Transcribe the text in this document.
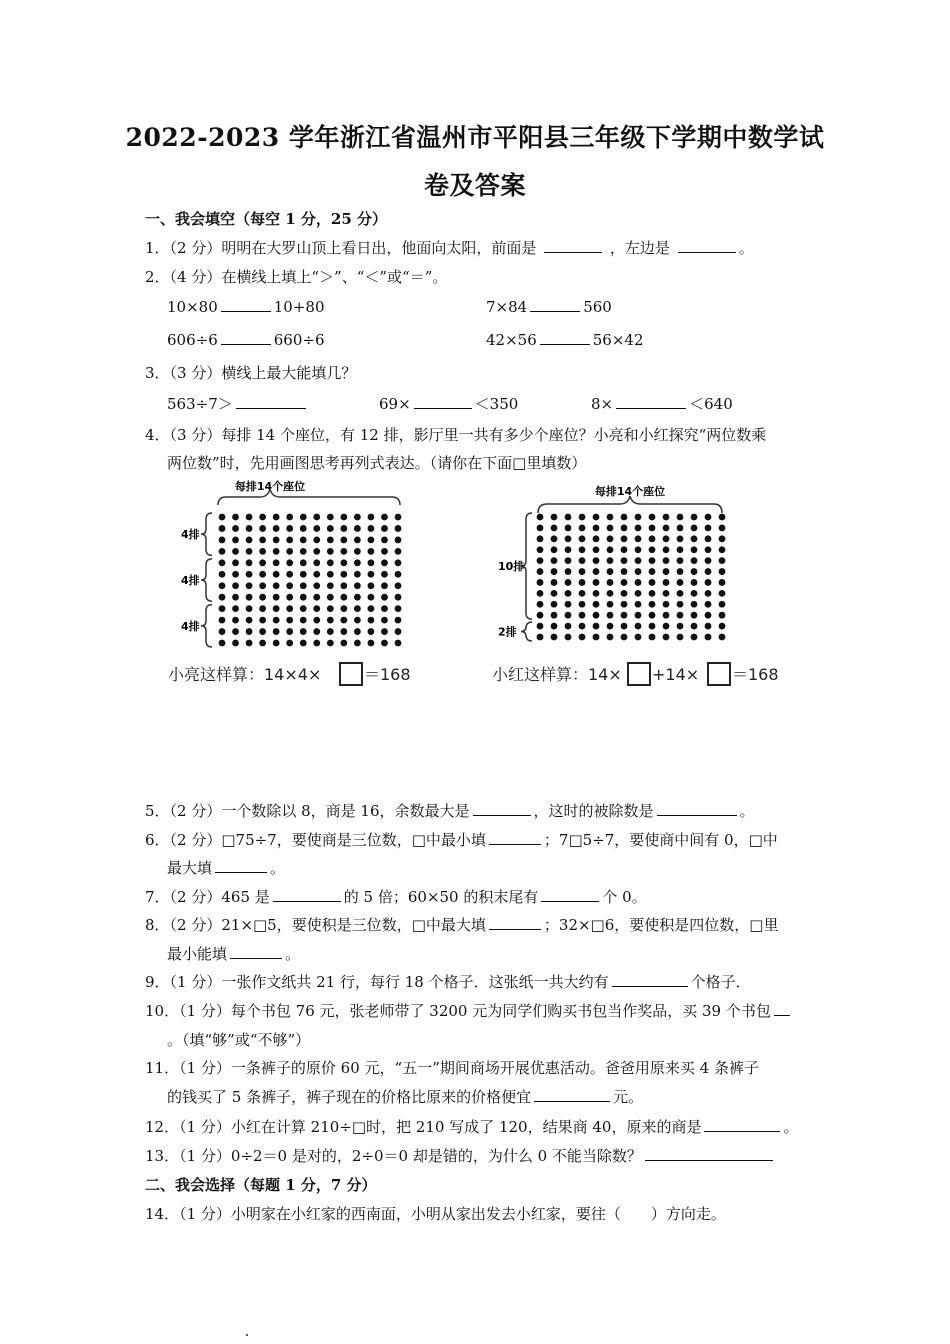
2022-2023 学年浙江省温州市平阳县三年级下学期中数学试
卷及答案
一、我会填空（每空 1 分，25 分）
1．（2 分）明明在大罗山顶上看日出，他面向太阳，前面是	，左边是	。
2．（4 分）在横线上填上“＞”、“＜”或“＝”。
10×80	10+80	7×84	560
606÷6	660÷6	42×56	56×42
3．（3 分）横线上最大能填几？
563÷7＞	69×	＜350	8×	＜640
4．（3 分）每排 14 个座位，有 12 排，影厅里一共有多少个座位？小亮和小红探究“两位数乘
两位数”时，先用画图思考再列式表达。（请你在下面□里填数）
每排14个座位
4排
4排
4排
小亮这样算：14×4×	＝168
每排14个座位
10排
2排
小红这样算：14× +14× ＝168
5．（2 分）一个数除以 8，商是 16，余数最大是	，这时的被除数是	。
6．（2 分）□75÷7，要使商是三位数，□中最小填	；7□5÷7，要使商中间有 0，□中
最大填	。
7．（2 分）465 是	的 5 倍；60×50 的积末尾有	个 0。
8．（2 分）21×□5，要使积是三位数，□中最大填	；32×□6，要使积是四位数，□里
最小能填	。
9．（1 分）一张作文纸共 21 行，每行 18 个格子．这张纸一共大约有	个格子．
10．（1 分）每个书包 76 元，张老师带了 3200 元为同学们购买书包当作奖品，买 39 个书包
。（填“够”或“不够”）
11．（1 分）一条裤子的原价 60 元，“五一”期间商场开展优惠活动。爸爸用原来买 4 条裤子
的钱买了 5 条裤子，裤子现在的价格比原来的价格便宜	元。
12．（1 分）小红在计算 210÷□时，把 210 写成了 120，结果商 40，原来的商是	。
13．（1 分）0÷2＝0 是对的，2÷0＝0 却是错的，为什么 0 不能当除数？
二、我会选择（每题 1 分，7 分）
14．（1 分）小明家在小红家的西南面，小明从家出发去小红家，要往（　　）方向走。
